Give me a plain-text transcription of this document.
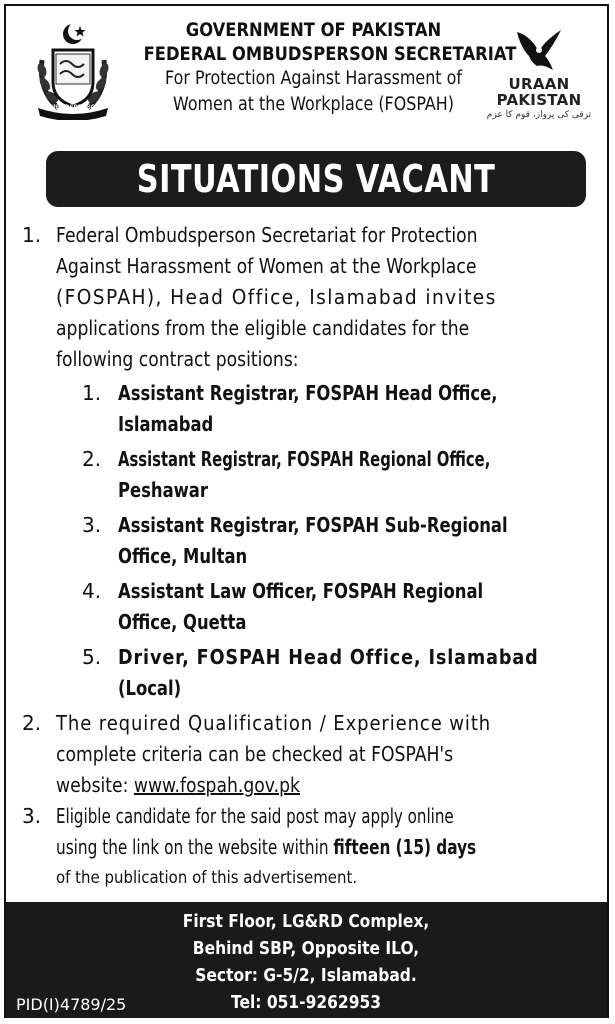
OMBUDSPERSON
GOVERNMENT OF PAKISTAN
FEDERAL OMBUDSPERSON SECRETARIAT
For Protection Against Harassment of
Women at the Workplace (FOSPAH)
URAAN
PAKISTAN
ترقی کی پرواز، قوم کا عزم
SITUATIONS VACANT
1. Federal Ombudsperson Secretariat for Protection
Against Harassment of Women at the Workplace
(FOSPAH), Head Office, Islamabad invites
applications from the eligible candidates for the
following contract positions:
1. Assistant Registrar, FOSPAH Head Office,
Islamabad
2. Assistant Registrar, FOSPAH Regional Office,
Peshawar
3. Assistant Registrar, FOSPAH Sub-Regional
Office, Multan
4. Assistant Law Officer, FOSPAH Regional
Office, Quetta
5. Driver, FOSPAH Head Office, Islamabad
(Local)
2. The required Qualification / Experience with
complete criteria can be checked at FOSPAH's
website: www.fospah.gov.pk
3. Eligible candidate for the said post may apply online
using the link on the website within fifteen (15) days
of the publication of this advertisement.
First Floor, LG&RD Complex,
Behind SBP, Opposite ILO,
Sector: G-5/2, Islamabad.
Tel: 051-9262953
PID(I)4789/25
